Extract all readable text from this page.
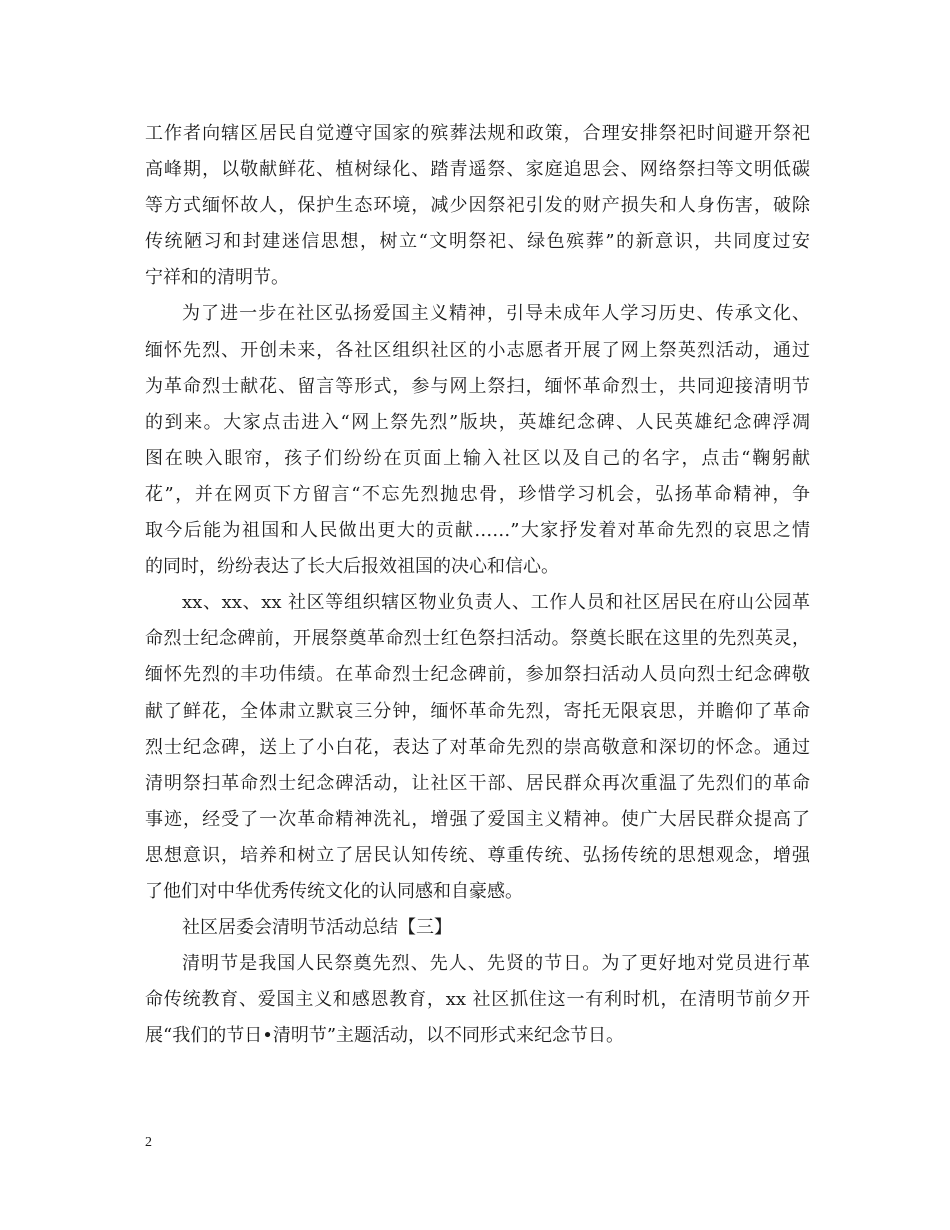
工作者向辖区居民自觉遵守国家的殡葬法规和政策，合理安排祭祀时间避开祭祀
高峰期，以敬献鲜花、植树绿化、踏青遥祭、家庭追思会、网络祭扫等文明低碳
等方式缅怀故人，保护生态环境，减少因祭祀引发的财产损失和人身伤害，破除
传统陋习和封建迷信思想，树立“文明祭祀、绿色殡葬”的新意识，共同度过安
宁祥和的清明节。
为了进一步在社区弘扬爱国主义精神，引导未成年人学习历史、传承文化、
缅怀先烈、开创未来，各社区组织社区的小志愿者开展了网上祭英烈活动，通过
为革命烈士献花、留言等形式，参与网上祭扫，缅怀革命烈士，共同迎接清明节
的到来。大家点击进入“网上祭先烈”版块，英雄纪念碑、人民英雄纪念碑浮凋
图在映入眼帘，孩子们纷纷在页面上输入社区以及自己的名字，点击“鞠躬献
花”，并在网页下方留言“不忘先烈抛忠骨，珍惜学习机会，弘扬革命精神，争
取今后能为祖国和人民做出更大的贡献……”大家抒发着对革命先烈的哀思之情
的同时，纷纷表达了长大后报效祖国的决心和信心。
xx、xx、xx 社区等组织辖区物业负责人、工作人员和社区居民在府山公园革
命烈士纪念碑前，开展祭奠革命烈士红色祭扫活动。祭奠长眠在这里的先烈英灵，
缅怀先烈的丰功伟绩。在革命烈士纪念碑前，参加祭扫活动人员向烈士纪念碑敬
献了鲜花，全体肃立默哀三分钟，缅怀革命先烈，寄托无限哀思，并瞻仰了革命
烈士纪念碑，送上了小白花，表达了对革命先烈的崇高敬意和深切的怀念。通过
清明祭扫革命烈士纪念碑活动，让社区干部、居民群众再次重温了先烈们的革命
事迹，经受了一次革命精神洗礼，增强了爱国主义精神。使广大居民群众提高了
思想意识，培养和树立了居民认知传统、尊重传统、弘扬传统的思想观念，增强
了他们对中华优秀传统文化的认同感和自豪感。
社区居委会清明节活动总结【三】
清明节是我国人民祭奠先烈、先人、先贤的节日。为了更好地对党员进行革
命传统教育、爱国主义和感恩教育，xx 社区抓住这一有利时机，在清明节前夕开
展“我们的节日•清明节”主题活动，以不同形式来纪念节日。
2
